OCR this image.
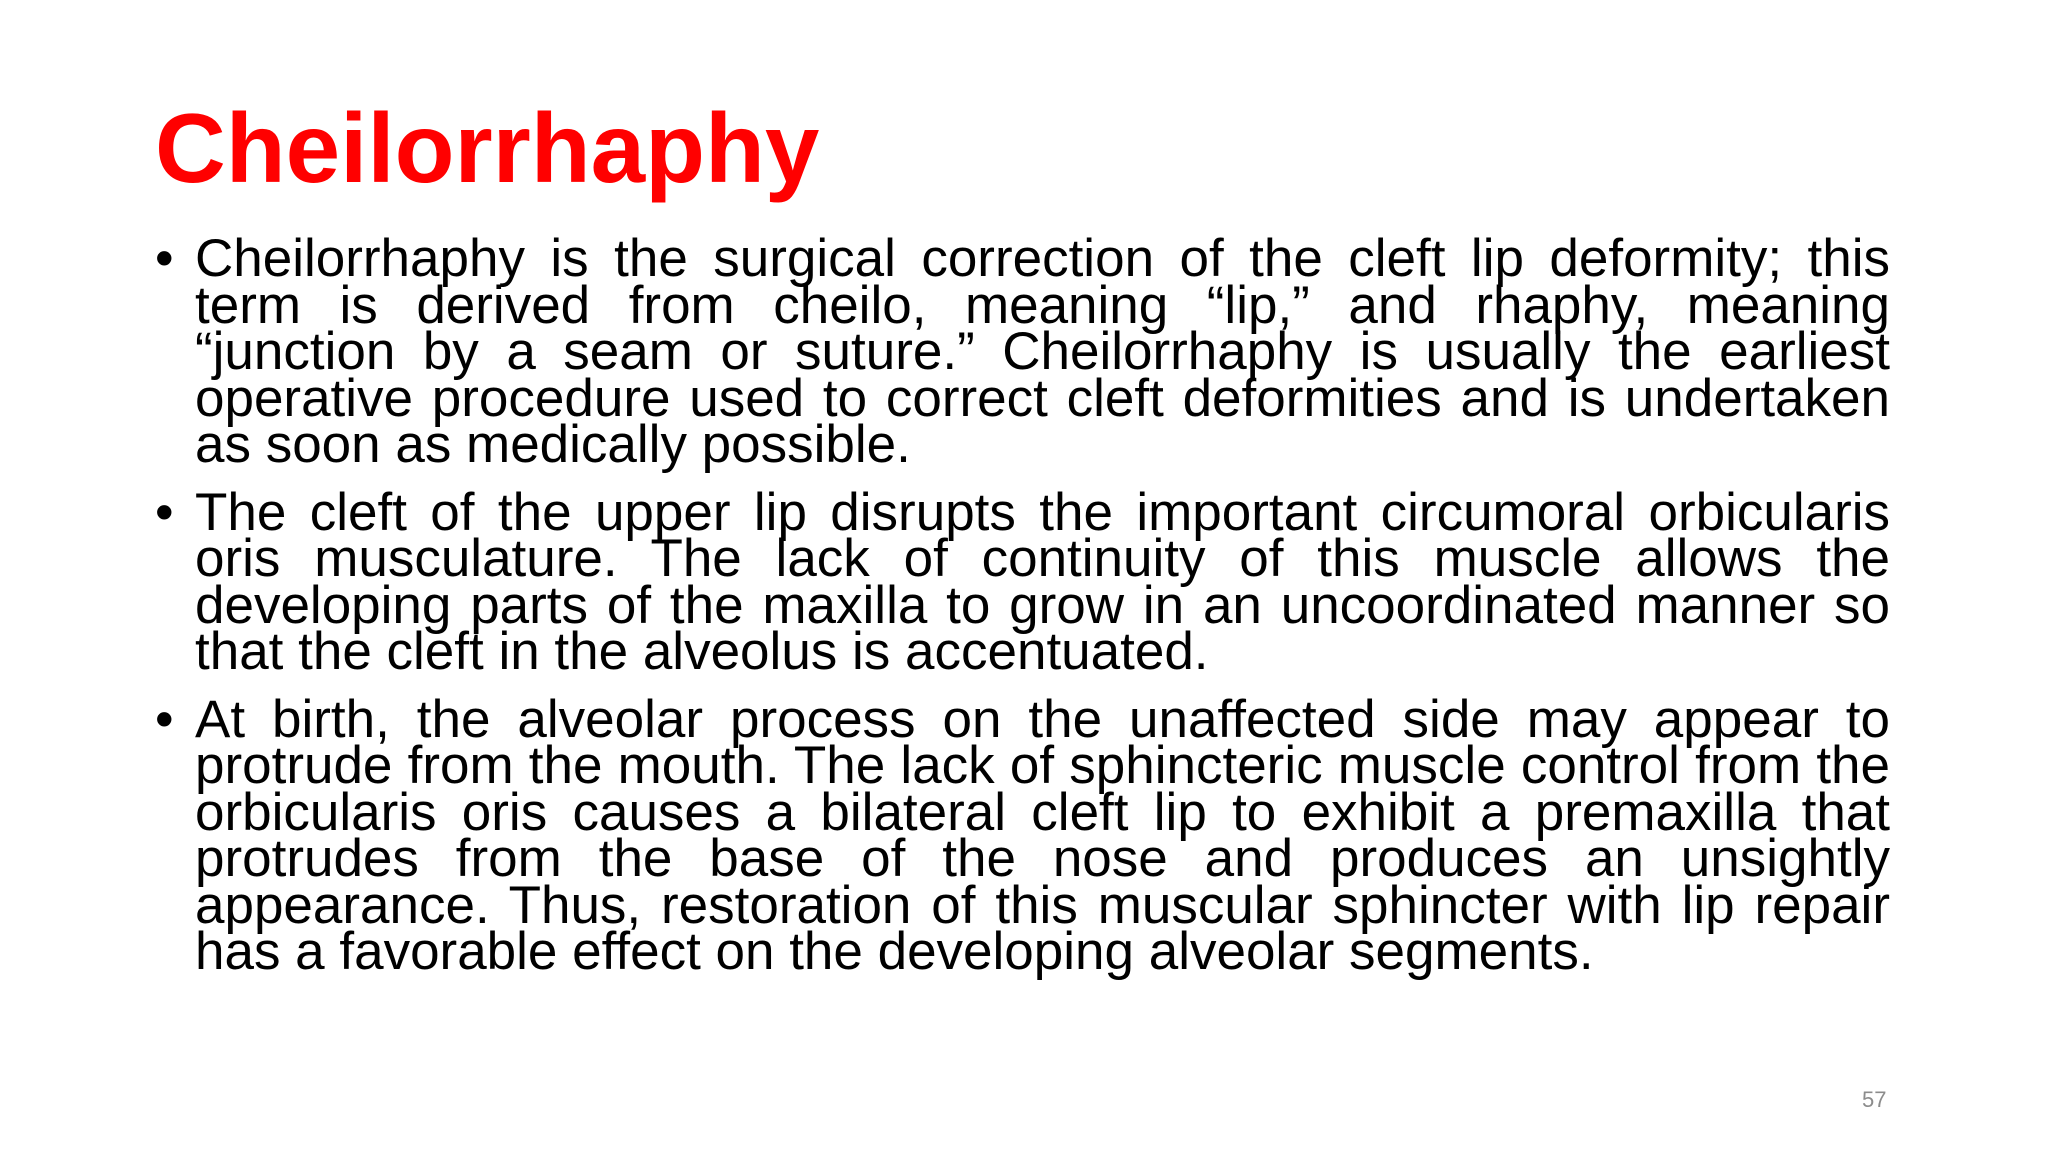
Cheilorrhaphy
• Cheilorrhaphy is the surgical correction of the cleft lip deformity; this term is derived from cheilo, meaning “lip,” and rhaphy, meaning “junction by a seam or suture.” Cheilorrhaphy is usually the earliest operative procedure used to correct cleft deformities and is undertaken as soon as medically possible.
• The cleft of the upper lip disrupts the important circumoral orbicularis oris musculature. The lack of continuity of this muscle allows the developing parts of the maxilla to grow in an uncoordinated manner so that the cleft in the alveolus is accentuated.
• At birth, the alveolar process on the unaffected side may appear to protrude from the mouth. The lack of sphincteric muscle control from the orbicularis oris causes a bilateral cleft lip to exhibit a premaxilla that protrudes from the base of the nose and produces an unsightly appearance. Thus, restoration of this muscular sphincter with lip repair has a favorable effect on the developing alveolar segments.
57
